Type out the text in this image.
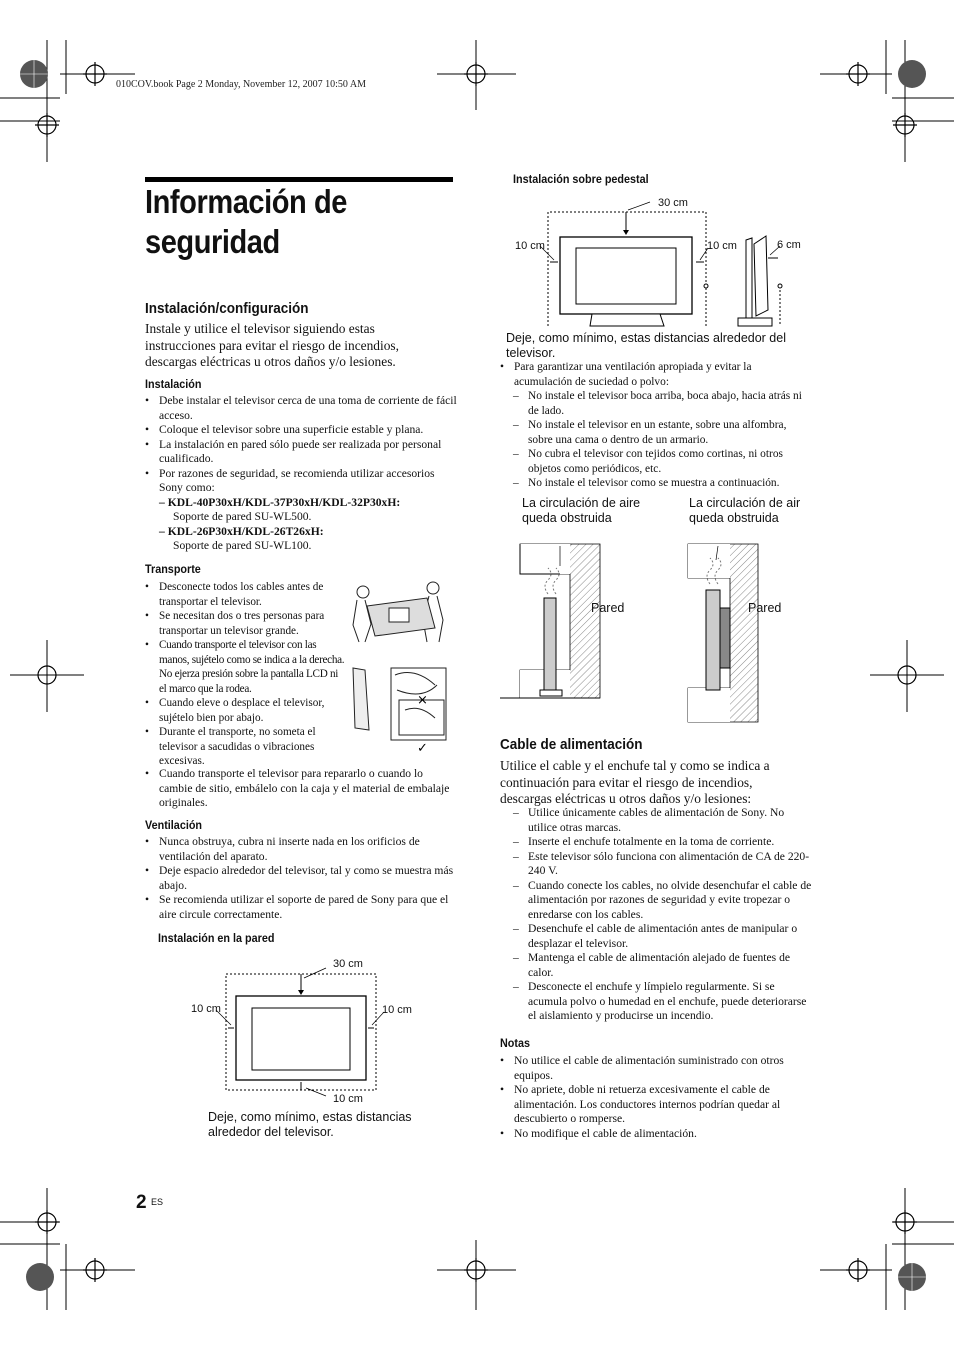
010COV.book Page 2 Monday, November 12, 2007 10:50 AM
Información de
seguridad
Instalación/configuración
Instale y utilice el televisor siguiendo estas instrucciones para evitar el riesgo de incendios, descargas eléctricas u otros daños y/o lesiones.
Instalación
• Debe instalar el televisor cerca de una toma de corriente de fácil acceso.
• Coloque el televisor sobre una superficie estable y plana.
• La instalación en pared sólo puede ser realizada por personal cualificado.
• Por razones de seguridad, se recomienda utilizar accesorios Sony como:
– KDL-40P30xH/KDL-37P30xH/KDL-32P30xH:
Soporte de pared SU-WL500.
– KDL-26P30xH/KDL-26T26xH:
Soporte de pared SU-WL100.
Transporte
• Desconecte todos los cables antes de transportar el televisor.
• Se necesitan dos o tres personas para transportar un televisor grande.
• Cuando transporte el televisor con las manos, sujételo como se indica a la derecha. No ejerza presión sobre la pantalla LCD ni el marco que la rodea.
• Cuando eleve o desplace el televisor, sujételo bien por abajo.
• Durante el transporte, no someta el televisor a sacudidas o vibraciones excesivas.
• Cuando transporte el televisor para repararlo o cuando lo cambie de sitio, embálelo con la caja y el material de embalaje originales.
×
✓
Ventilación
• Nunca obstruya, cubra ni inserte nada en los orificios de ventilación del aparato.
• Deje espacio alrededor del televisor, tal y como se muestra más abajo.
• Se recomienda utilizar el soporte de pared de Sony para que el aire circule correctamente.
Instalación en la pared
30 cm
10 cm	10 cm
10 cm
Deje, como mínimo, estas distancias alrededor del televisor.
Instalación sobre pedestal
30 cm
10 cm	10 cm	6 cm
Deje, como mínimo, estas distancias alrededor del televisor.
• Para garantizar una ventilación apropiada y evitar la acumulación de suciedad o polvo:
– No instale el televisor boca arriba, boca abajo, hacia atrás ni de lado.
– No instale el televisor en un estante, sobre una alfombra, sobre una cama o dentro de un armario.
– No cubra el televisor con tejidos como cortinas, ni otros objetos como periódicos, etc.
– No instale el televisor como se muestra a continuación.
La circulación de aire queda obstruida
La circulación de air queda obstruida
Pared	Pared
Cable de alimentación
Utilice el cable y el enchufe tal y como se indica a continuación para evitar el riesgo de incendios, descargas eléctricas u otros daños y/o lesiones:
– Utilice únicamente cables de alimentación de Sony. No utilice otras marcas.
– Inserte el enchufe totalmente en la toma de corriente.
– Este televisor sólo funciona con alimentación de CA de 220-240 V.
– Cuando conecte los cables, no olvide desenchufar el cable de alimentación por razones de seguridad y evite tropezar o enredarse con los cables.
– Desenchufe el cable de alimentación antes de manipular o desplazar el televisor.
– Mantenga el cable de alimentación alejado de fuentes de calor.
– Desconecte el enchufe y límpielo regularmente. Si se acumula polvo o humedad en el enchufe, puede deteriorarse el aislamiento y producirse un incendio.
Notas
• No utilice el cable de alimentación suministrado con otros equipos.
• No apriete, doble ni retuerza excesivamente el cable de alimentación. Los conductores internos podrían quedar al descubierto o romperse.
• No modifique el cable de alimentación.
2 ES
